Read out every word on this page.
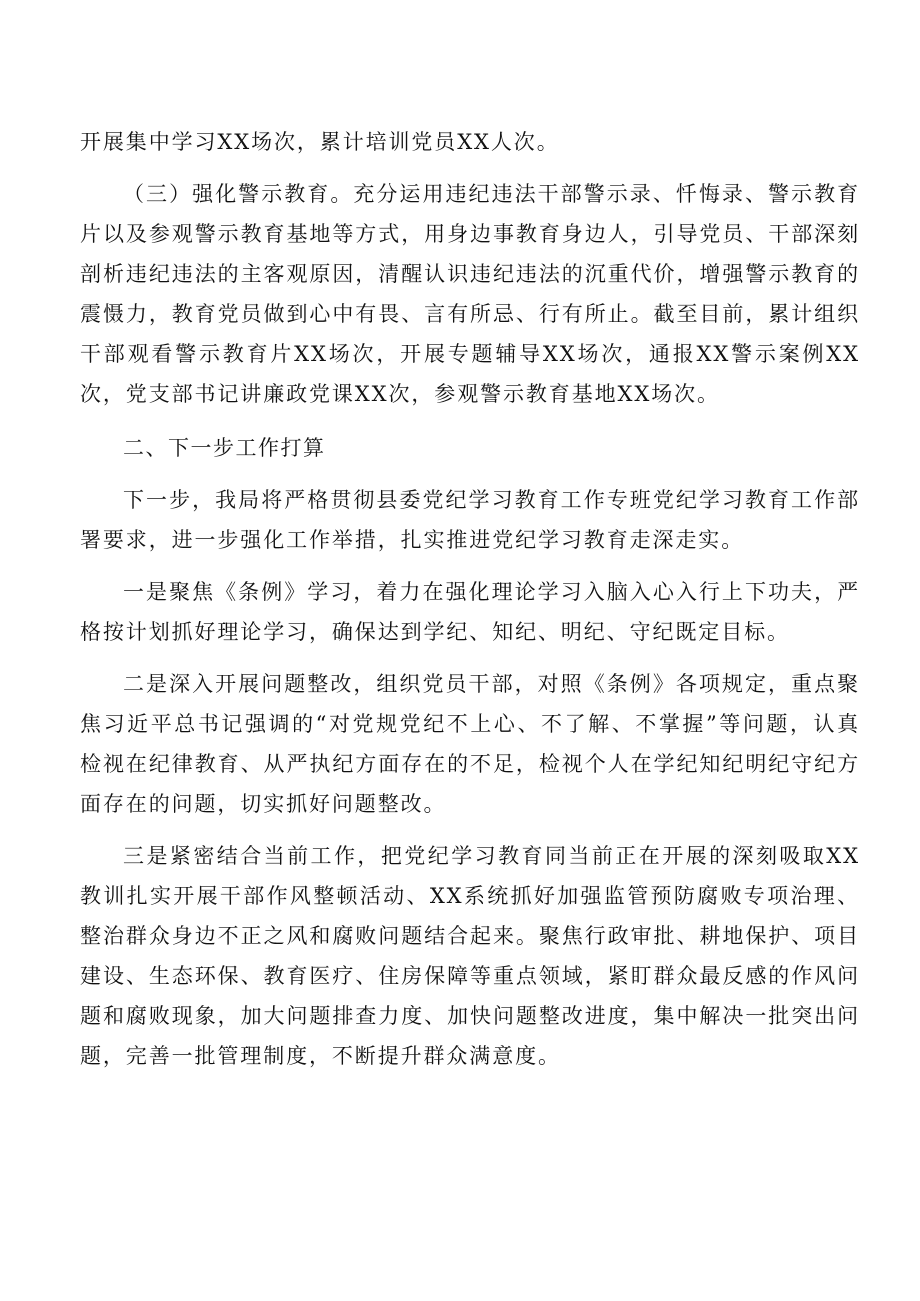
开展集中学习XX场次，累计培训党员XX人次。

（三）强化警示教育。充分运用违纪违法干部警示录、忏悔录、警示教育片以及参观警示教育基地等方式，用身边事教育身边人，引导党员、干部深刻剖析违纪违法的主客观原因，清醒认识违纪违法的沉重代价，增强警示教育的震慑力，教育党员做到心中有畏、言有所忌、行有所止。截至目前，累计组织干部观看警示教育片XX场次，开展专题辅导XX场次，通报XX警示案例XX次，党支部书记讲廉政党课XX次，参观警示教育基地XX场次。

二、下一步工作打算

下一步，我局将严格贯彻县委党纪学习教育工作专班党纪学习教育工作部署要求，进一步强化工作举措，扎实推进党纪学习教育走深走实。

一是聚焦《条例》学习，着力在强化理论学习入脑入心入行上下功夫，严格按计划抓好理论学习，确保达到学纪、知纪、明纪、守纪既定目标。

二是深入开展问题整改，组织党员干部，对照《条例》各项规定，重点聚焦习近平总书记强调的“对党规党纪不上心、不了解、不掌握”等问题，认真检视在纪律教育、从严执纪方面存在的不足，检视个人在学纪知纪明纪守纪方面存在的问题，切实抓好问题整改。

三是紧密结合当前工作，把党纪学习教育同当前正在开展的深刻吸取XX教训扎实开展干部作风整顿活动、XX系统抓好加强监管预防腐败专项治理、整治群众身边不正之风和腐败问题结合起来。聚焦行政审批、耕地保护、项目建设、生态环保、教育医疗、住房保障等重点领域，紧盯群众最反感的作风问题和腐败现象，加大问题排查力度、加快问题整改进度，集中解决一批突出问题，完善一批管理制度，不断提升群众满意度。
